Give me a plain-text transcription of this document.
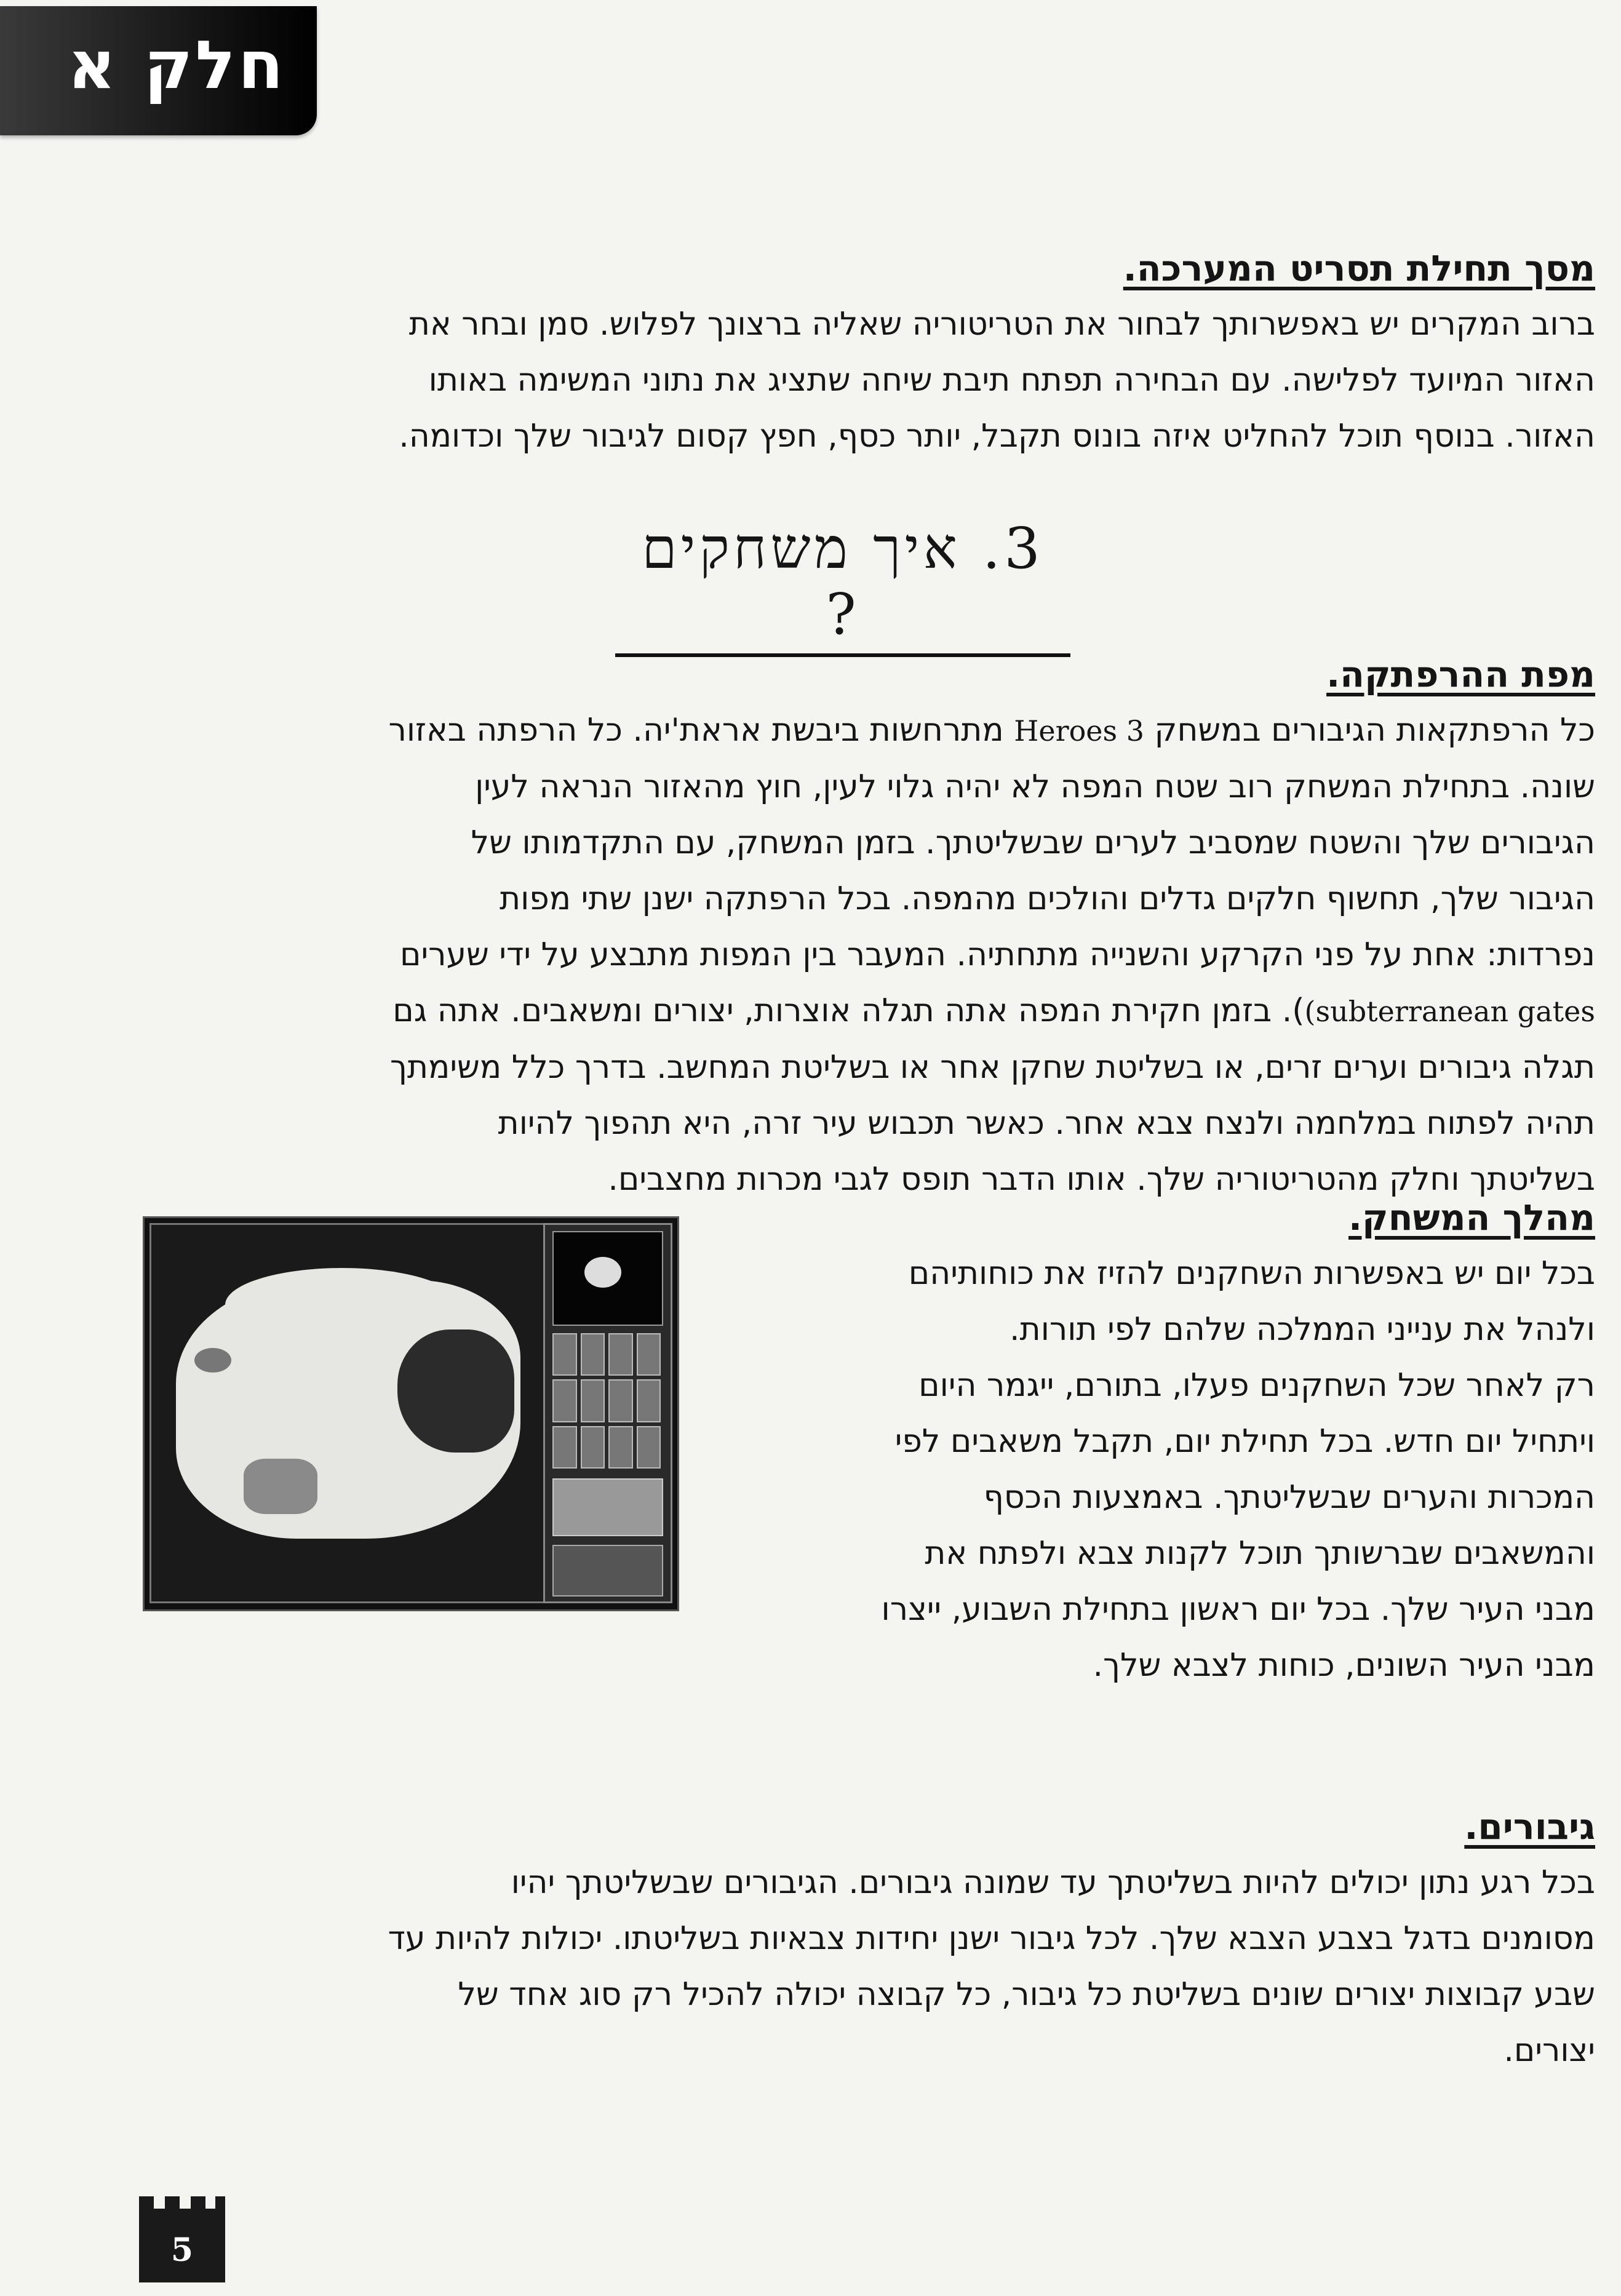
חלק א
מסך תחילת תסריט המערכה.
ברוב המקרים יש באפשרותך לבחור את הטריטוריה שאליה ברצונך לפלוש. סמן ובחר את
האזור המיועד לפלישה. עם הבחירה תפתח תיבת שיחה שתציג את נתוני המשימה באותו
האזור. בנוסף תוכל להחליט איזה בונוס תקבל, יותר כסף, חפץ קסום לגיבור שלך וכדומה.
3. איך משחקים ?
מפת ההרפתקה.
כל הרפתקאות הגיבורים במשחק Heroes 3 מתרחשות ביבשת אראת'יה. כל הרפתה באזור
שונה. בתחילת המשחק רוב שטח המפה לא יהיה גלוי לעין, חוץ מהאזור הנראה לעין
הגיבורים שלך והשטח שמסביב לערים שבשליטתך. בזמן המשחק, עם התקדמותו של
הגיבור שלך, תחשוף חלקים גדלים והולכים מהמפה. בכל הרפתקה ישנן שתי מפות
נפרדות: אחת על פני הקרקע והשנייה מתחתיה. המעבר בין המפות מתבצע על ידי שערים
(subterranean gates). בזמן חקירת המפה אתה תגלה אוצרות, יצורים ומשאבים. אתה גם
תגלה גיבורים וערים זרים, או בשליטת שחקן אחר או בשליטת המחשב. בדרך כלל משימתך
תהיה לפתוח במלחמה ולנצח צבא אחר. כאשר תכבוש עיר זרה, היא תהפוך להיות
בשליטתך וחלק מהטריטוריה שלך. אותו הדבר תופס לגבי מכרות מחצבים.
מהלך המשחק.
בכל יום יש באפשרות השחקנים להזיז את כוחותיהם
ולנהל את ענייני הממלכה שלהם לפי תורות.
רק לאחר שכל השחקנים פעלו, בתורם, ייגמר היום
ויתחיל יום חדש. בכל תחילת יום, תקבל משאבים לפי
המכרות והערים שבשליטתך. באמצעות הכסף
והמשאבים שברשותך תוכל לקנות צבא ולפתח את
מבני העיר שלך. בכל יום ראשון בתחילת השבוע, ייצרו
מבני העיר השונים, כוחות לצבא שלך.
גיבורים.
בכל רגע נתון יכולים להיות בשליטתך עד שמונה גיבורים. הגיבורים שבשליטתך יהיו
מסומנים בדגל בצבע הצבא שלך. לכל גיבור ישנן יחידות צבאיות בשליטתו. יכולות להיות עד
שבע קבוצות יצורים שונים בשליטת כל גיבור, כל קבוצה יכולה להכיל רק סוג אחד של
יצורים.
5
